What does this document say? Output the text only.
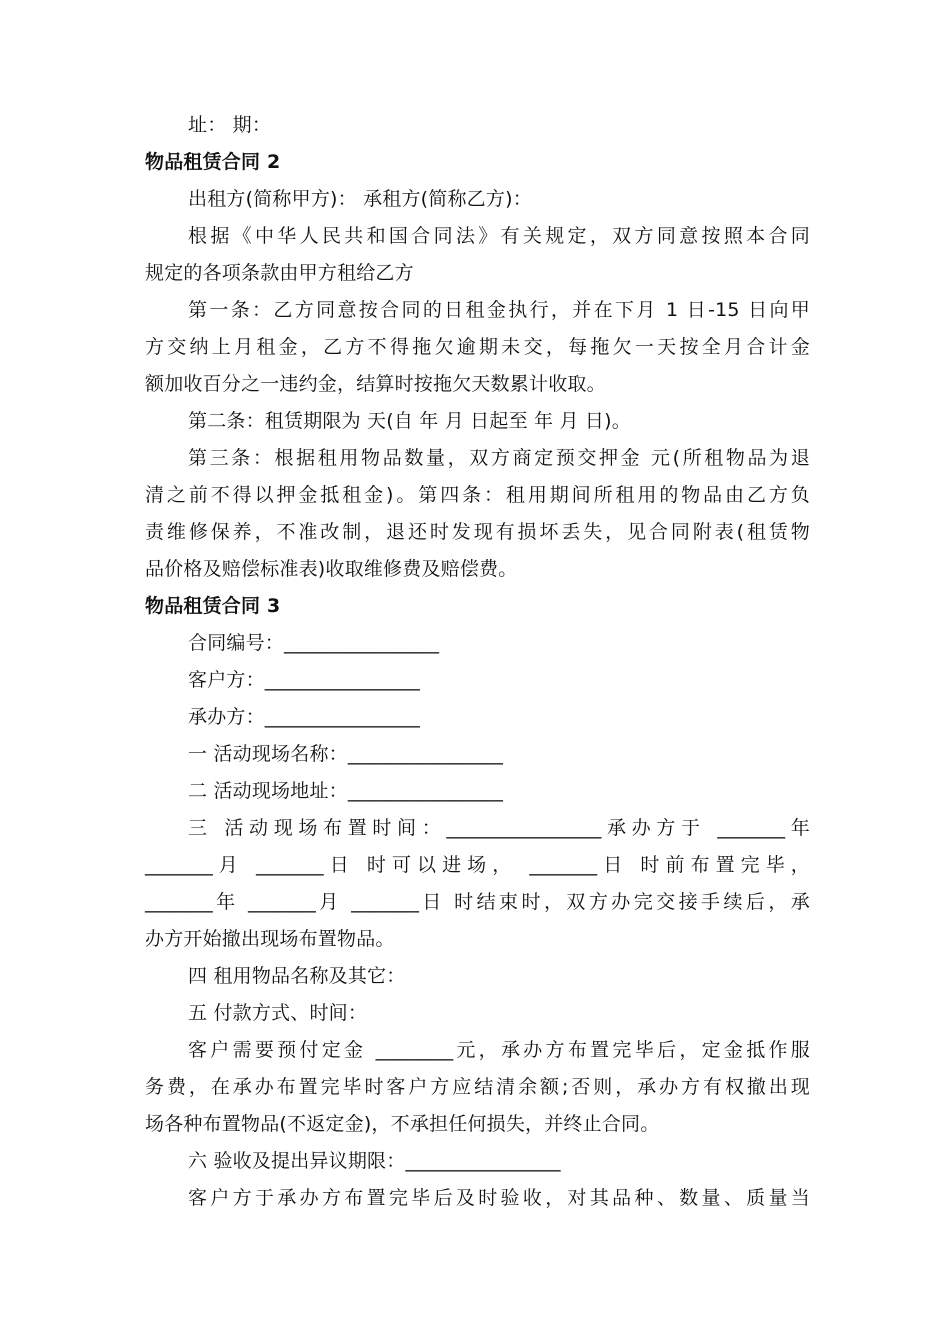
址： 期：
物品租赁合同 2
出租方(简称甲方)： 承租方(简称乙方)：
根据《中华人民共和国合同法》有关规定，双方同意按照本合同
规定的各项条款由甲方租给乙方
第一条：乙方同意按合同的日租金执行，并在下月 1 日-15 日向甲
方交纳上月租金，乙方不得拖欠逾期未交，每拖欠一天按全月合计金
额加收百分之一违约金，结算时按拖欠天数累计收取。
第二条：租赁期限为 天(自 年 月 日起至 年 月 日)。
第三条：根据租用物品数量，双方商定预交押金 元(所租物品为退
清之前不得以押金抵租金)。第四条：租用期间所租用的物品由乙方负
责维修保养，不准改制，退还时发现有损坏丢失，见合同附表(租赁物
品价格及赔偿标准表)收取维修费及赔偿费。
物品租赁合同 3
合同编号：________________
客户方：________________
承办方：________________
一 活动现场名称：________________
二 活动现场地址：________________
三 活动现场布置时间：________________承办方于 _______年
_______月 _______日 时可以进场， _______日 时前布置完毕，
_______年 _______月 _______日 时结束时，双方办完交接手续后，承
办方开始撤出现场布置物品。
四 租用物品名称及其它：
五 付款方式、时间：
客户需要预付定金 ________元，承办方布置完毕后，定金抵作服
务费，在承办布置完毕时客户方应结清余额;否则，承办方有权撤出现
场各种布置物品(不返定金)，不承担任何损失，并终止合同。
六 验收及提出异议期限：________________
客户方于承办方布置完毕后及时验收，对其品种、数量、质量当
